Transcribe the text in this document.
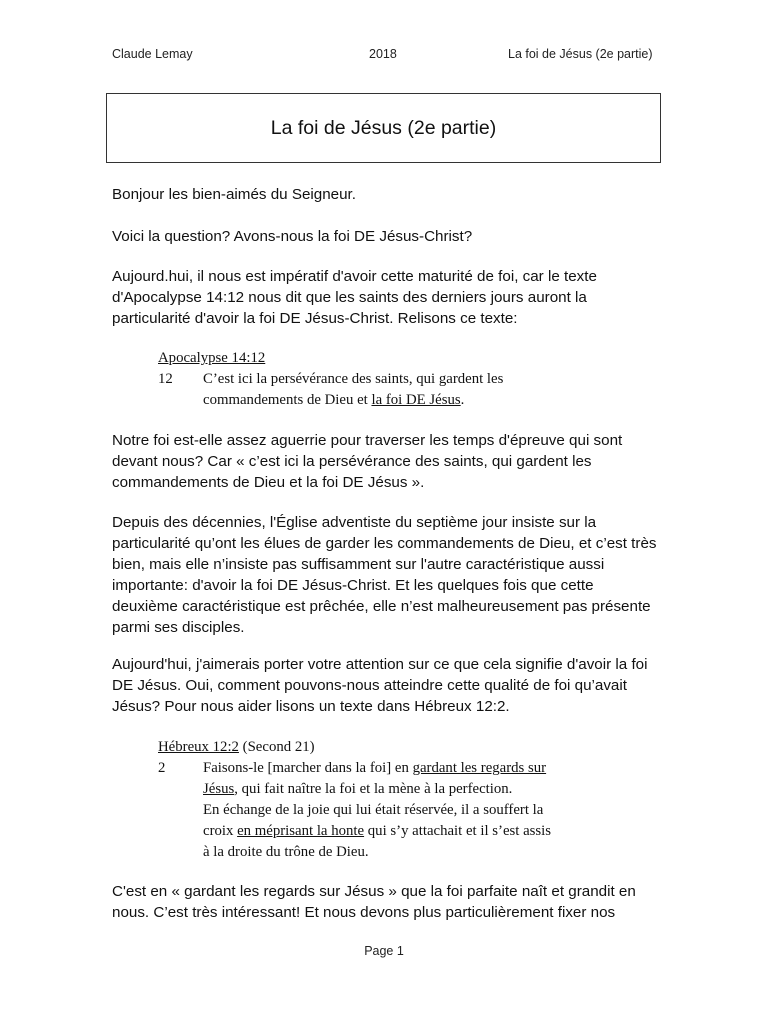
Claude Lemay	2018	La foi de Jésus (2e partie)
La foi de Jésus (2e partie)
Bonjour les bien-aimés du Seigneur.
Voici la question? Avons-nous la foi DE Jésus-Christ?
Aujourd.hui, il nous est impératif d'avoir cette maturité de foi, car le texte
d'Apocalypse 14:12 nous dit que les saints des derniers jours auront la
particularité d'avoir la foi DE Jésus-Christ. Relisons ce texte:
Apocalypse 14:12
12 C’est ici la persévérance des saints, qui gardent les
commandements de Dieu et la foi DE Jésus.
Notre foi est-elle assez aguerrie pour traverser les temps d'épreuve qui sont
devant nous? Car « c’est ici la persévérance des saints, qui gardent les
commandements de Dieu et la foi DE Jésus ».
Depuis des décennies, l'Église adventiste du septième jour insiste sur la
particularité qu’ont les élues de garder les commandements de Dieu, et c’est très
bien, mais elle n’insiste pas suffisamment sur l'autre caractéristique aussi
importante: d'avoir la foi DE Jésus-Christ. Et les quelques fois que cette
deuxième caractéristique est prêchée, elle n’est malheureusement pas présente
parmi ses disciples.
Aujourd'hui, j'aimerais porter votre attention sur ce que cela signifie d'avoir la foi
DE Jésus. Oui, comment pouvons-nous atteindre cette qualité de foi qu’avait
Jésus? Pour nous aider lisons un texte dans Hébreux 12:2.
Hébreux 12:2 (Second 21)
2	Faisons-le [marcher dans la foi] en gardant les regards sur
Jésus, qui fait naître la foi et la mène à la perfection.
En échange de la joie qui lui était réservée, il a souffert la
croix en méprisant la honte qui s’y attachait et il s’est assis
à la droite du trône de Dieu.
C'est en « gardant les regards sur Jésus » que la foi parfaite naît et grandit en
nous. C’est très intéressant! Et nous devons plus particulièrement fixer nos
Page 1
